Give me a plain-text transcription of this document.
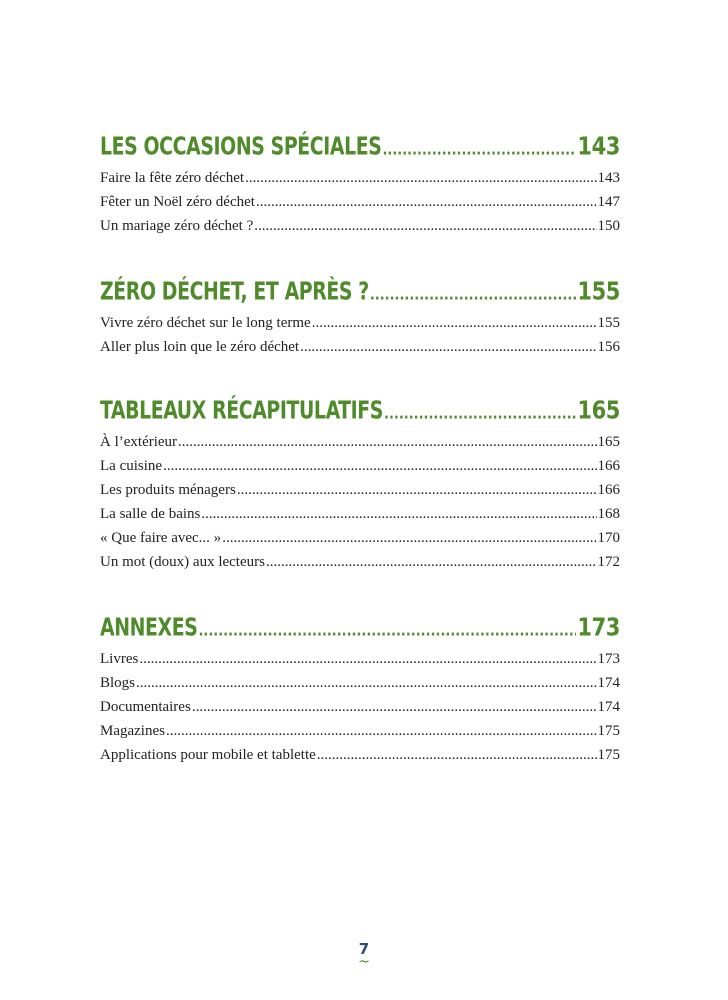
LES OCCASIONS SPÉCIALES .....	143
Faire la fête zéro déchet .....	143
Fêter un Noël zéro déchet .....	147
Un mariage zéro déchet ? .....	150
ZÉRO DÉCHET, ET APRÈS ? .....	155
Vivre zéro déchet sur le long terme .....	155
Aller plus loin que le zéro déchet .....	156
TABLEAUX RÉCAPITULATIFS .....	165
À l’extérieur .....	165
La cuisine .....	166
Les produits ménagers .....	166
La salle de bains .....	168
« Que faire avec... » .....	170
Un mot (doux) aux lecteurs .....	172
ANNEXES .....	173
Livres .....	173
Blogs .....	174
Documentaires .....	174
Magazines .....	175
Applications pour mobile et tablette .....	175
7
~
